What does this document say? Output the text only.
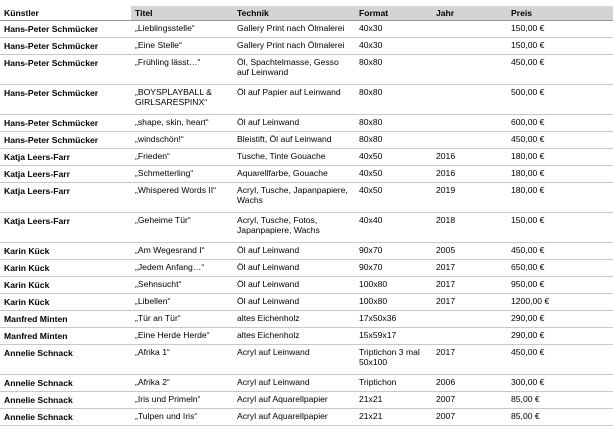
Künstler	Titel	Technik	Format	Jahr	Preis
Hans-Peter Schmücker	„Lieblingsstelle“	Gallery Print nach Ölmalerei	40x30		150,00 €
Hans-Peter Schmücker	„Eine Stelle“	Gallery Print nach Ölmalerei	40x30		150,00 €
Hans-Peter Schmücker	„Frühling lässt…“	Öl, Spachtelmasse, Gesso auf Leinwand	80x80		450,00 €
Hans-Peter Schmücker	„BOYSPLAYBALL & GIRLSARESPINX“	Öl auf Papier auf Leinwand	80x80		500,00 €
Hans-Peter Schmücker	„shape, skin, heart“	Öl auf Leinwand	80x80		600,00 €
Hans-Peter Schmücker	„windschön!“	Bleistift, Öl auf Leinwand	80x80		450,00 €
Katja Leers-Farr	„Frieden“	Tusche, Tinte Gouache	40x50	2016	180,00 €
Katja Leers-Farr	„Schmetterling“	Aquarellfarbe, Gouache	40x50	2016	180,00 €
Katja Leers-Farr	„Whispered Words II“	Acryl, Tusche, Japanpapiere, Wachs	40x50	2019	180,00 €
Katja Leers-Farr	„Geheime Tür“	Acryl, Tusche, Fotos, Japanpapiere, Wachs	40x40	2018	150,00 €
Karin Kück	„Am Wegesrand I“	Öl auf Leinwand	90x70	2005	450,00 €
Karin Kück	„Jedem Anfang…“	Öl auf Leinwand	90x70	2017	650,00 €
Karin Kück	„Sehnsucht“	Öl auf Leinwand	100x80	2017	950,00 €
Karin Kück	„Libellen“	Öl auf Leinwand	100x80	2017	1200,00 €
Manfred Minten	„Tür an Tür“	altes Eichenholz	17x50x36		290,00 €
Manfred Minten	„Eine Herde Herde“	altes Eichenholz	15x59x17		290,00 €
Annelie Schnack	„Afrika 1“	Acryl auf Leinwand	Triptichon 3 mal 50x100	2017	450,00 €
Annelie Schnack	„Afrika 2“	Acryl auf Leinwand	Triptichon	2006	300,00 €
Annelie Schnack	„Iris und Primeln“	Acryl auf Aquarellpapier	21x21	2007	85,00 €
Annelie Schnack	„Tulpen und Iris“	Acryl auf Aquarellpapier	21x21	2007	85,00 €
